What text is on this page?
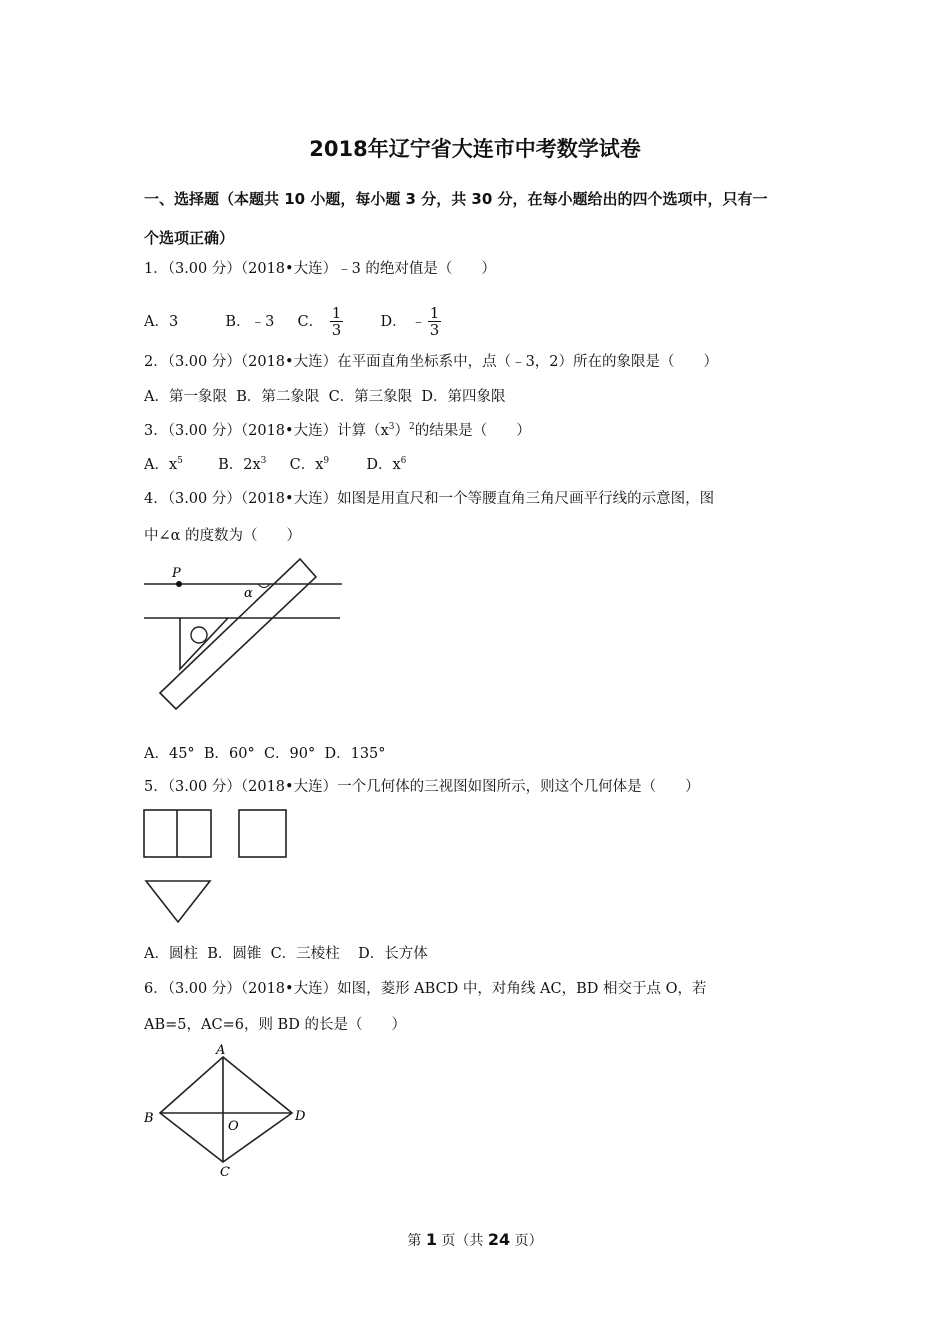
2018年辽宁省大连市中考数学试卷
一、选择题（本题共 10 小题，每小题 3 分，共 30 分，在每小题给出的四个选项中，只有一
个选项正确）
1．（3.00 分）（2018•大连）﹣3 的绝对值是（　　）
A．3	B．﹣3 C． $\frac{1}{3}$	D． ﹣ $\frac{1}{3}$
2．（3.00 分）（2018•大连）在平面直角坐标系中，点（﹣3，2）所在的象限是（　　）
A．第一象限  B．第二象限  C．第三象限  D．第四象限
3．（3.00 分）（2018•大连）计算$(x^3)^2$的结果是（　　）
A．$x^5$ B．$2x^3$ C．$x^9$	D．$x^6$
4．（3.00 分）（2018•大连）如图是用直尺和一个等腰直角三角尺画平行线的示意图，图
中∠α 的度数为（　　）
P
α
A．45°  B．60°  C．90°  D．135°
5．（3.00 分）（2018•大连）一个几何体的三视图如图所示，则这个几何体是（　　）
A．圆柱  B．圆锥  C．三棱柱    D．长方体
6．（3.00 分）（2018•大连）如图，菱形 ABCD 中，对角线 AC，BD 相交于点 O，若
AB=5，AC=6，则 BD 的长是（　　）
A
B
C
D
O
第 1 页（共 24 页）
